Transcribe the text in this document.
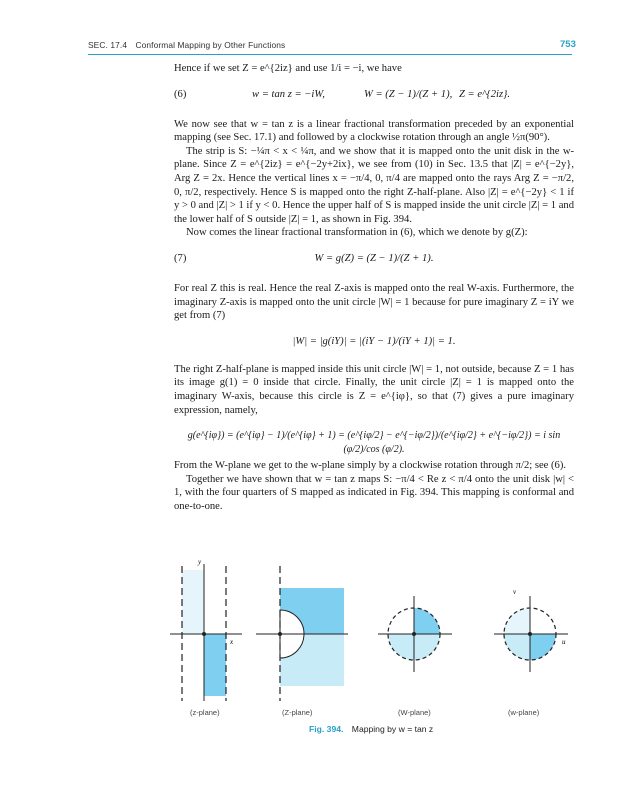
SEC. 17.4 Conformal Mapping by Other Functions	753

Hence if we set Z = e^{2iz} and use 1/i = −i, we have

(6)	w = tan z = −iW,	W = (Z − 1)/(Z + 1), Z = e^{2iz}.

We now see that w = tan z is a linear fractional transformation preceded by an exponential mapping (see Sec. 17.1) and followed by a clockwise rotation through an angle ½π(90°).

The strip is S: −¼π < x < ¼π, and we show that it is mapped onto the unit disk in the w-plane. Since Z = e^{2iz} = e^{−2y+2ix}, we see from (10) in Sec. 13.5 that |Z| = e^{−2y}, Arg Z = 2x. Hence the vertical lines x = −π/4, 0, π/4 are mapped onto the rays Arg Z = −π/2, 0, π/2, respectively. Hence S is mapped onto the right Z-half-plane. Also |Z| = e^{−2y} < 1 if y > 0 and |Z| > 1 if y < 0. Hence the upper half of S is mapped inside the unit circle |Z| = 1 and the lower half of S outside |Z| = 1, as shown in Fig. 394.

Now comes the linear fractional transformation in (6), which we denote by g(Z):

(7)	W = g(Z) = (Z − 1)/(Z + 1).

For real Z this is real. Hence the real Z-axis is mapped onto the real W-axis. Furthermore, the imaginary Z-axis is mapped onto the unit circle |W| = 1 because for pure imaginary Z = iY we get from (7)

|W| = |g(iY)| = |(iY − 1)/(iY + 1)| = 1.

The right Z-half-plane is mapped inside this unit circle |W| = 1, not outside, because Z = 1 has its image g(1) = 0 inside that circle. Finally, the unit circle |Z| = 1 is mapped onto the imaginary W-axis, because this circle is Z = e^{iφ}, so that (7) gives a pure imaginary expression, namely,

g(e^{iφ}) = (e^{iφ} − 1)/(e^{iφ} + 1) = (e^{iφ/2} − e^{−iφ/2})/(e^{iφ/2} + e^{−iφ/2}) = i sin (φ/2)/cos (φ/2).

From the W-plane we get to the w-plane simply by a clockwise rotation through π/2; see (6).

Together we have shown that w = tan z maps S: −π/4 < Re z < π/4 onto the unit disk |w| < 1, with the four quarters of S mapped as indicated in Fig. 394. This mapping is conformal and one-to-one.

y
x
v
u
(z-plane)	(Z-plane)	(W-plane)	(w-plane)
Fig. 394. Mapping by w = tan z
